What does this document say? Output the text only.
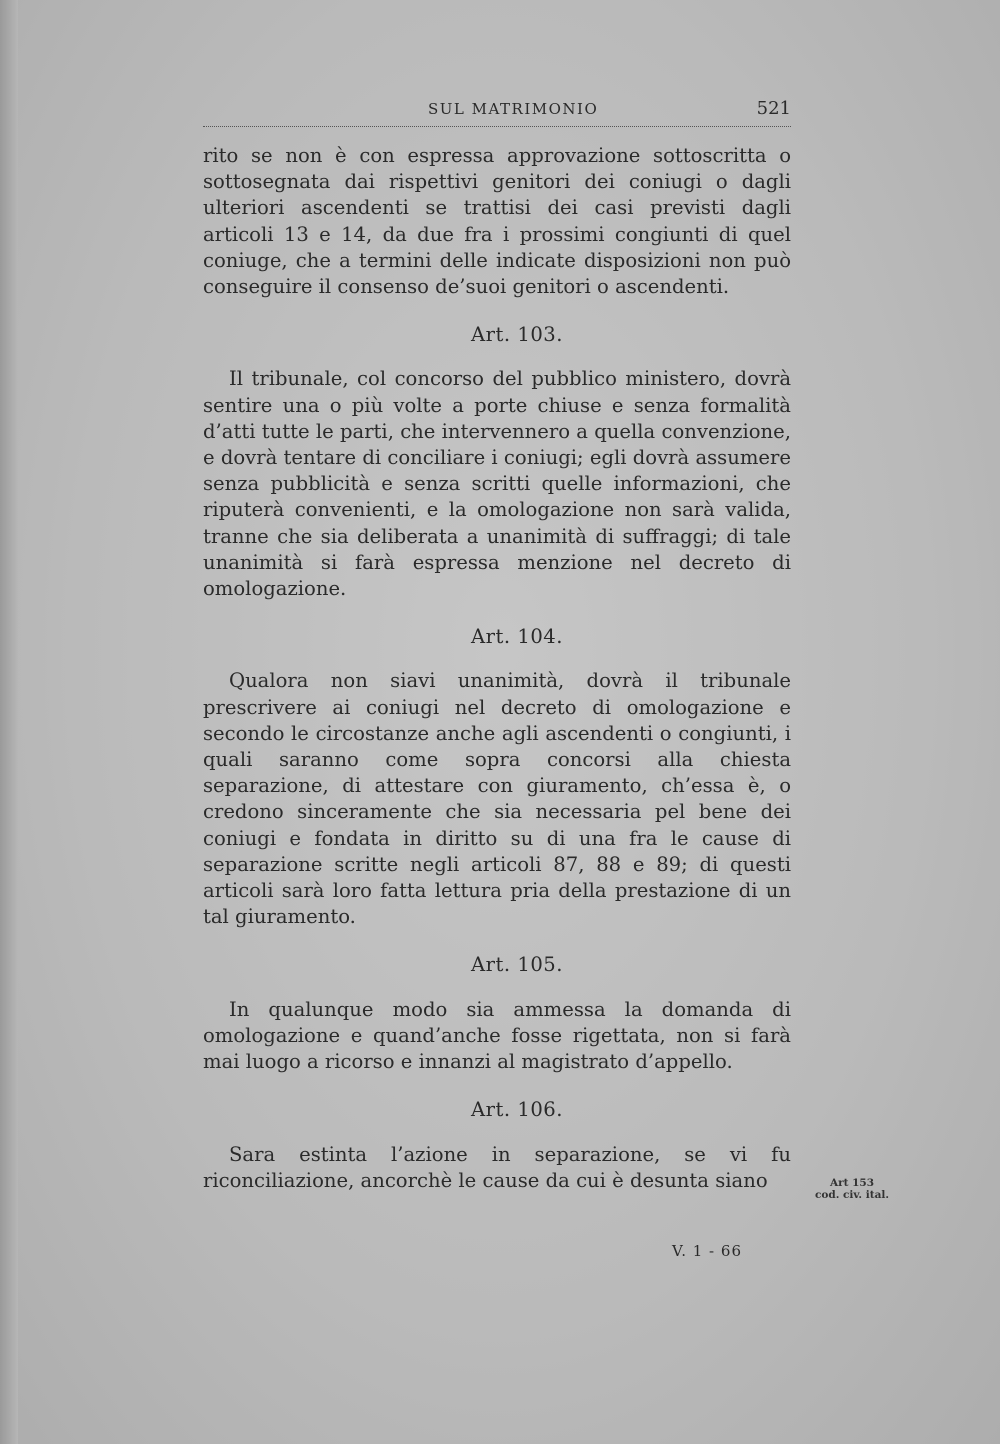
SUL MATRIMONIO	521

rito se non è con espressa approvazione sottoscritta o sottosegnata dai rispettivi genitori dei coniugi o dagli ulteriori ascendenti se trattisi dei casi previsti dagli articoli 13 e 14, da due fra i prossimi congiunti di quel coniuge, che a termini delle indicate disposizioni non può conseguire il consenso de’suoi genitori o ascendenti.

Art. 103.

Il tribunale, col concorso del pubblico ministero, dovrà sentire una o più volte a porte chiuse e senza formalità d’atti tutte le parti, che intervennero a quella convenzione, e dovrà tentare di conciliare i coniugi; egli dovrà assumere senza pubblicità e senza scritti quelle informazioni, che riputerà convenienti, e la omologazione non sarà valida, tranne che sia deliberata a unanimità di suffraggi; di tale unanimità si farà espressa menzione nel decreto di omologazione.

Art. 104.

Qualora non siavi unanimità, dovrà il tribunale prescrivere ai coniugi nel decreto di omologazione e secondo le circostanze anche agli ascendenti o congiunti, i quali saranno come sopra concorsi alla chiesta separazione, di attestare con giuramento, ch’essa è, o credono sinceramente che sia necessaria pel bene dei coniugi e fondata in diritto su di una fra le cause di separazione scritte negli articoli 87, 88 e 89; di questi articoli sarà loro fatta lettura pria della prestazione di un tal giuramento.

Art. 105.

In qualunque modo sia ammessa la domanda di omologazione e quand’anche fosse rigettata, non si farà mai luogo a ricorso e innanzi al magistrato d’appello.

Art. 106.

Sara estinta l’azione in separazione, se vi fu riconciliazione, ancorchè le cause da cui è desunta siano	Art 153
cod. civ. ital.
V. 1 - 66
